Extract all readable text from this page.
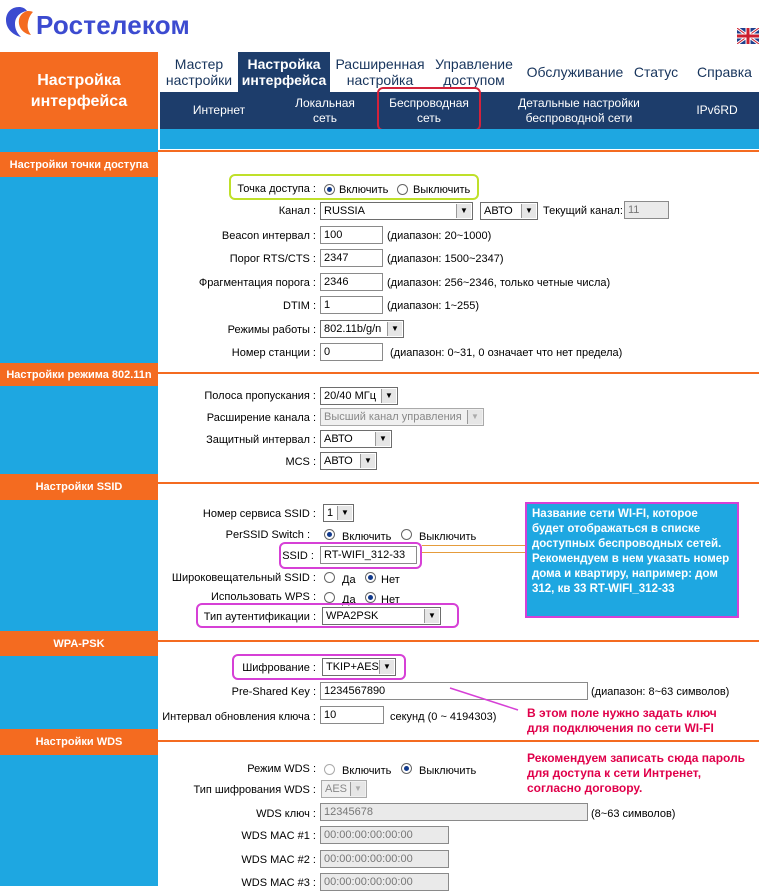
Ростелеком
Настройка интерфейса
Мастер настройки
Настройка интерфейса
Расширенная настройка
Управление доступом	Обслуживание Статус	Справка
Интернет
Локальная сеть
Беспроводная сеть
Детальные настройки беспроводной сети
IPv6RD
Настройки точки доступа
Точка доступа : Включить Выключить
Канал : RUSSIA	▼	АВТО	▼ Текущий канал: 11
Beacon интервал : 100	(диапазон: 20~1000)
Порог RTS/CTS : 2347	(диапазон: 1500~2347)
Фрагментация порога : 2346	(диапазон: 256~2346, только четные числа)
DTIM : 1	(диапазон: 1~255)
Режимы работы : 802.11b/g/n	▼
Номер станции : 0	(диапазон: 0~31, 0 означает что нет предела)
Настройки режима 802.11n
Полоса пропускания : 20/40 МГц	▼
Расширение канала : Высший канал управления	▼
Защитный интервал : АВТО	▼
MCS : АВТО	▼
Настройки SSID
Номер сервиса SSID :	1 ▼
PerSSID Switch :	Включить	Выключить
SSID : RT-WIFI_312-33
Широковещательный SSID : Да Нет
Использовать WPS : Да Нет
Тип аутентификации : WPA2PSK	▼
Название сети WI-FI, которое будет отображаться в списке доступных беспроводных сетей. Рекомендуем в нем указать номер дома и квартиру, например: дом 312, кв 33 RT-WIFI_312-33
WPA-PSK
Шифрование : TKIP+AES ▼
Pre-Shared Key : 1234567890	(диапазон: 8~63 символов)
Интервал обновления ключа : 10	секунд (0 ~ 4194303)	В этом поле нужно задать ключ для подключения по сети WI-FI
Настройки WDS
Рекомендуем записать сюда пароль для доступа к сети Интренет, согласно договору.
Режим WDS : Включить	Выключить
Тип шифрования WDS : AES ▼
WDS ключ : 12345678	(8~63 символов)
WDS MAC #1 : 00:00:00:00:00:00
WDS MAC #2 : 00:00:00:00:00:00
WDS MAC #3 : 00:00:00:00:00:00
